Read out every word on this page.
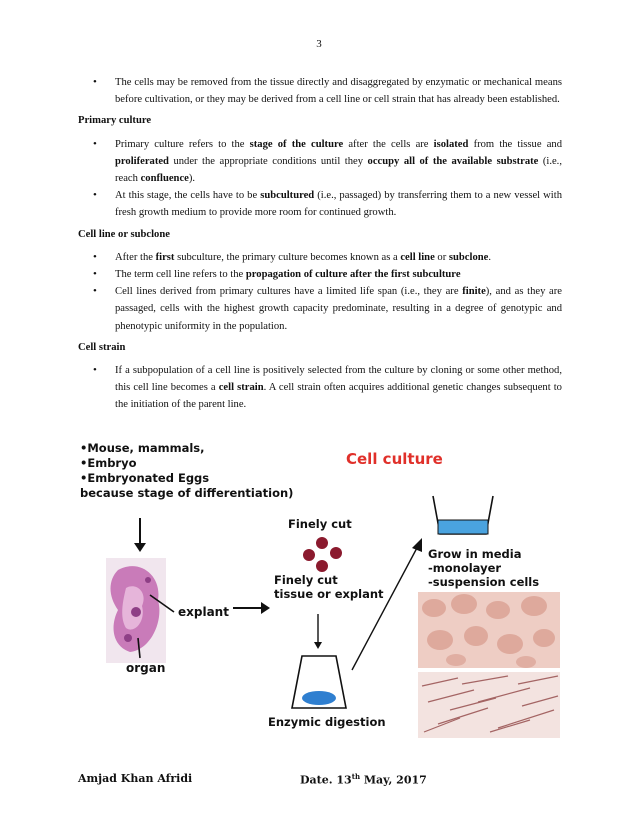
3
• The cells may be removed from the tissue directly and disaggregated by enzymatic or mechanical means before cultivation, or they may be derived from a cell line or cell strain that has already been established.
Primary culture
• Primary culture refers to the stage of the culture after the cells are isolated from the tissue and proliferated under the appropriate conditions until they occupy all of the available substrate (i.e., reach confluence).
• At this stage, the cells have to be subcultured (i.e., passaged) by transferring them to a new vessel with fresh growth medium to provide more room for continued growth.
Cell line or subclone
• After the first subculture, the primary culture becomes known as a cell line or subclone.
• The term cell line refers to the propagation of culture after the first subculture
• Cell lines derived from primary cultures have a limited life span (i.e., they are finite), and as they are passaged, cells with the highest growth capacity predominate, resulting in a degree of genotypic and phenotypic uniformity in the population.
Cell strain
• If a subpopulation of a cell line is positively selected from the culture by cloning or some other method, this cell line becomes a cell strain. A cell strain often acquires additional genetic changes subsequent to the initiation of the parent line.
Cell culture
•Mouse, mammals,
•Embryo
•Embryonated Eggs
because stage of differentiation)
explant
organ
Finely cut
Finely cut
tissue or explant
Enzymic digestion
Grow in media
-monolayer
-suspension cells
Amjad Khan Afridi	Date. 13th May, 2017
